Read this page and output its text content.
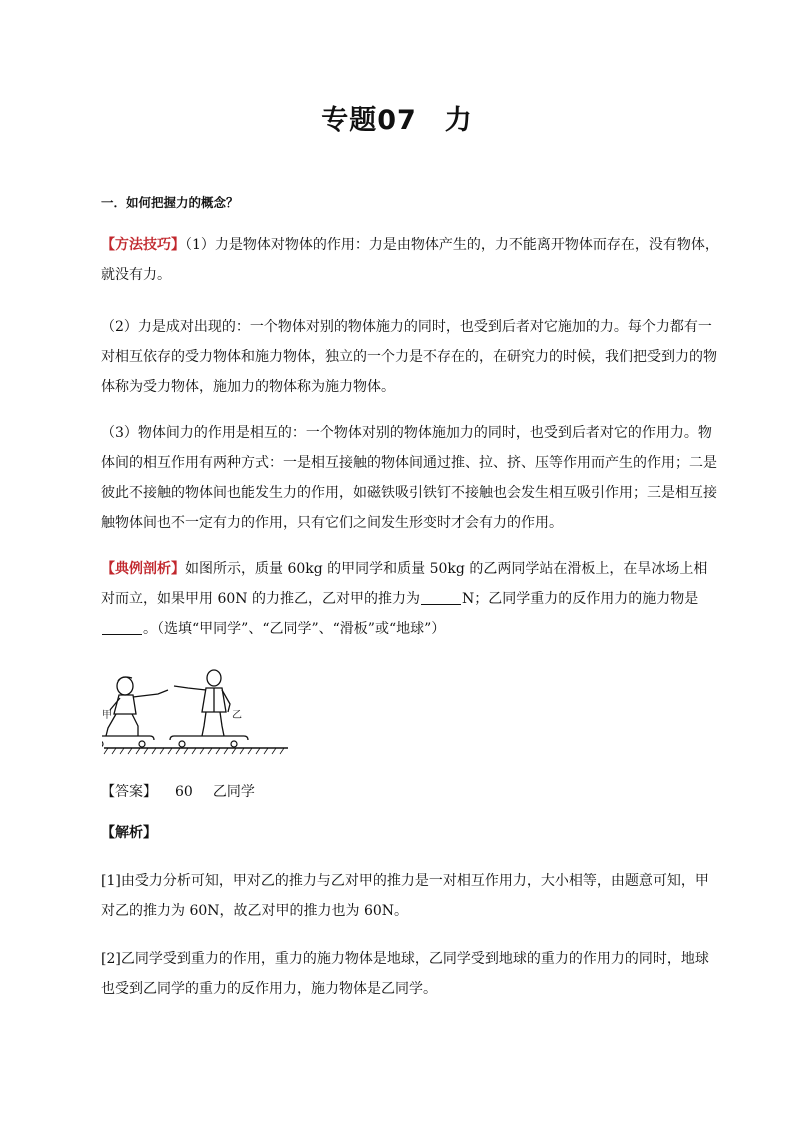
专题07　力
一．如何把握力的概念？
【方法技巧】（1）力是物体对物体的作用：力是由物体产生的，力不能离开物体而存在，没有物体，就没有力。
（2）力是成对出现的：一个物体对别的物体施力的同时，也受到后者对它施加的力。每个力都有一对相互依存的受力物体和施力物体，独立的一个力是不存在的，在研究力的时候，我们把受到力的物体称为受力物体，施加力的物体称为施力物体。
（3）物体间力的作用是相互的：一个物体对别的物体施加力的同时，也受到后者对它的作用力。物体间的相互作用有两种方式：一是相互接触的物体间通过推、拉、挤、压等作用而产生的作用；二是彼此不接触的物体间也能发生力的作用，如磁铁吸引铁钉不接触也会发生相互吸引作用；三是相互接触物体间也不一定有力的作用，只有它们之间发生形变时才会有力的作用。
【典例剖析】如图所示，质量 60kg 的甲同学和质量 50kg 的乙两同学站在滑板上，在旱冰场上相对而立，如果甲用 60N 的力推乙，乙对甲的推力为	N；乙同学重力的反作用力的施力物是。（选填“甲同学”、“乙同学”、“滑板”或“地球”）
甲	乙
【答案】 60 乙同学
【解析】
[1]由受力分析可知，甲对乙的推力与乙对甲的推力是一对相互作用力，大小相等，由题意可知，甲对乙的推力为 60N，故乙对甲的推力也为 60N。
[2]乙同学受到重力的作用，重力的施力物体是地球，乙同学受到地球的重力的作用力的同时，地球也受到乙同学的重力的反作用力，施力物体是乙同学。
